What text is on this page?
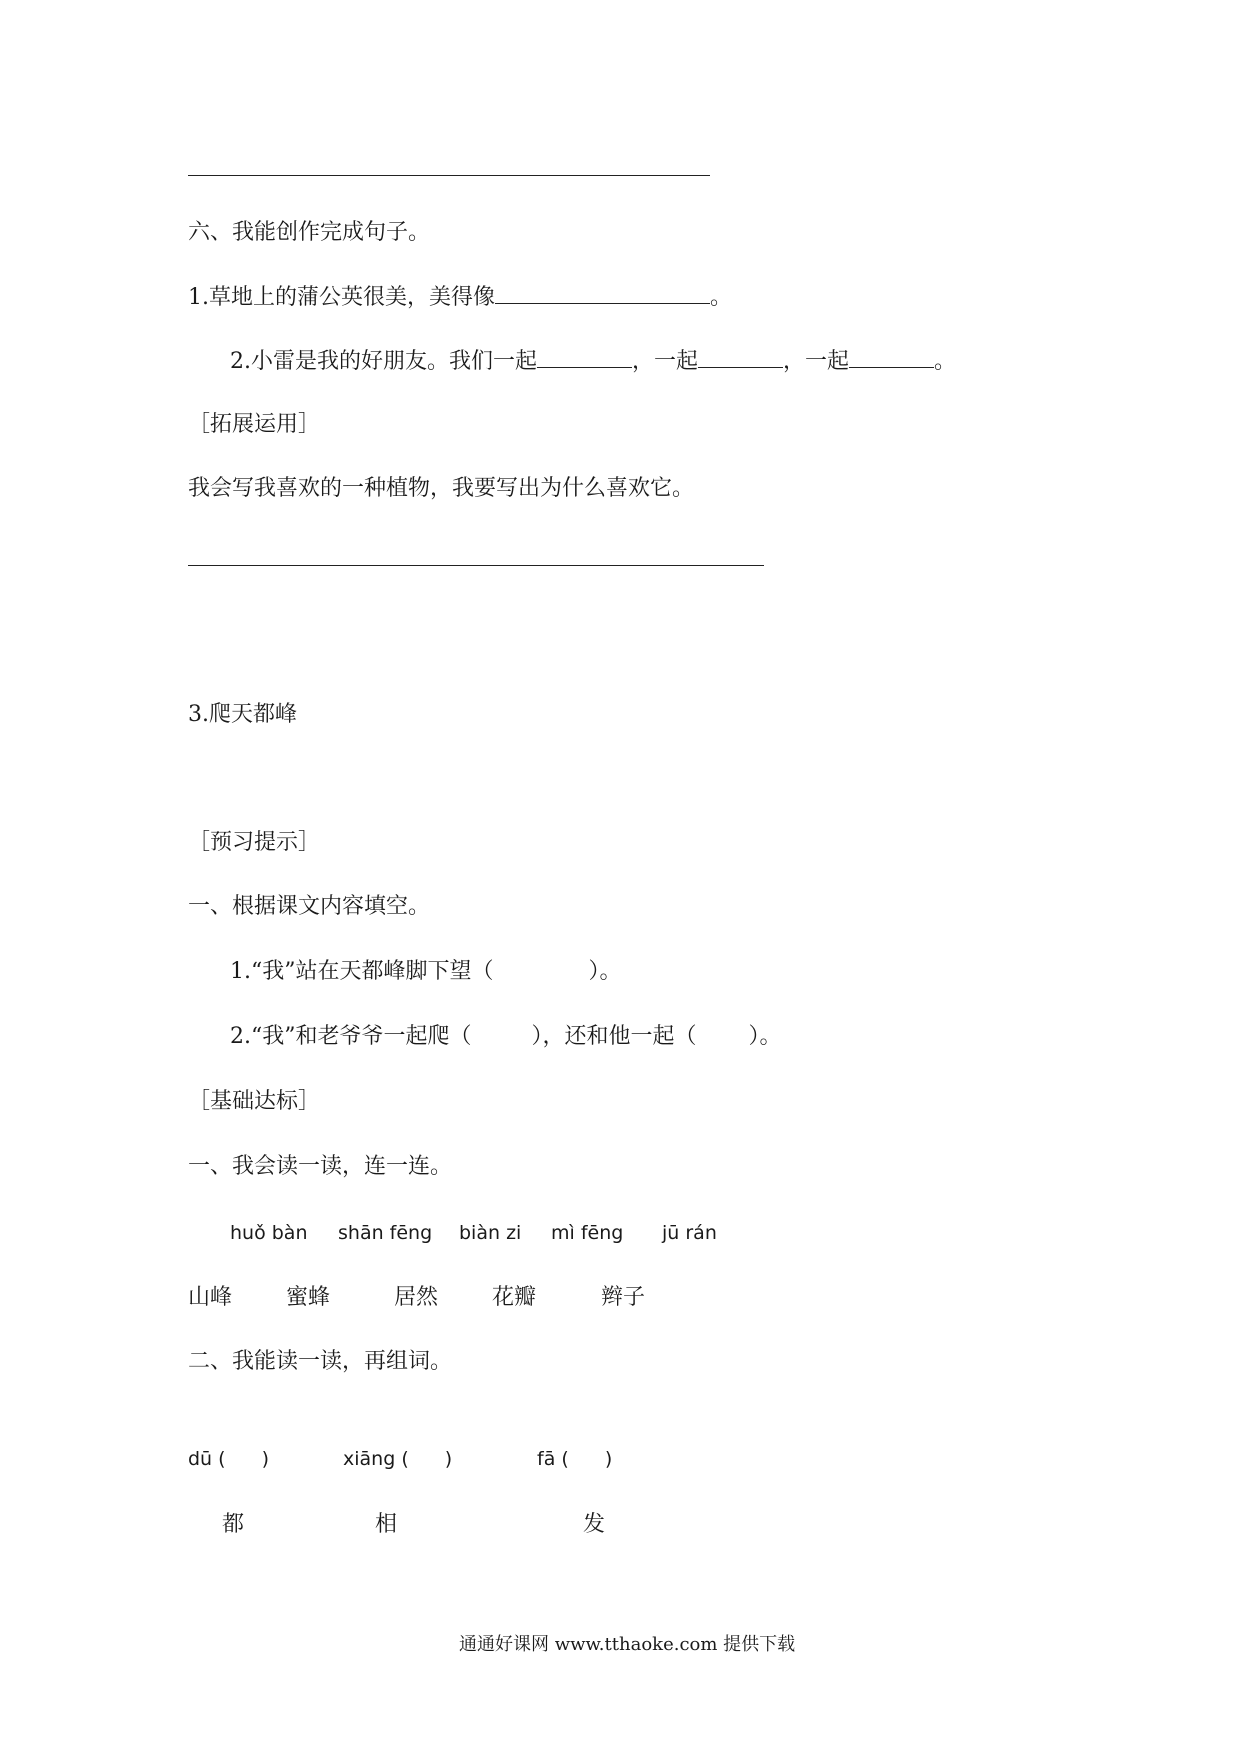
六、我能创作完成句子。
1.草地上的蒲公英很美，美得像	。
2.小雷是我的好朋友。我们一起	，一起	，一起	。
［拓展运用］
我会写我喜欢的一种植物，我要写出为什么喜欢它。
3.爬天都峰
［预习提示］
一、根据课文内容填空。
1.“我”站在天都峰脚下望（	）。
2.“我”和老爷爷一起爬（	），还和他一起（ ）。
［基础达标］
一、我会读一读，连一连。
huǒ bàn shān fēng biàn zi mì fēng jū rán
山峰 蜜蜂	居然 花瓣	辫子
二、我能读一读，再组词。
dū ( )	xiāng ( )	fā ( )
都	相	发
通通好课网 www.tthaoke.com 提供下载
